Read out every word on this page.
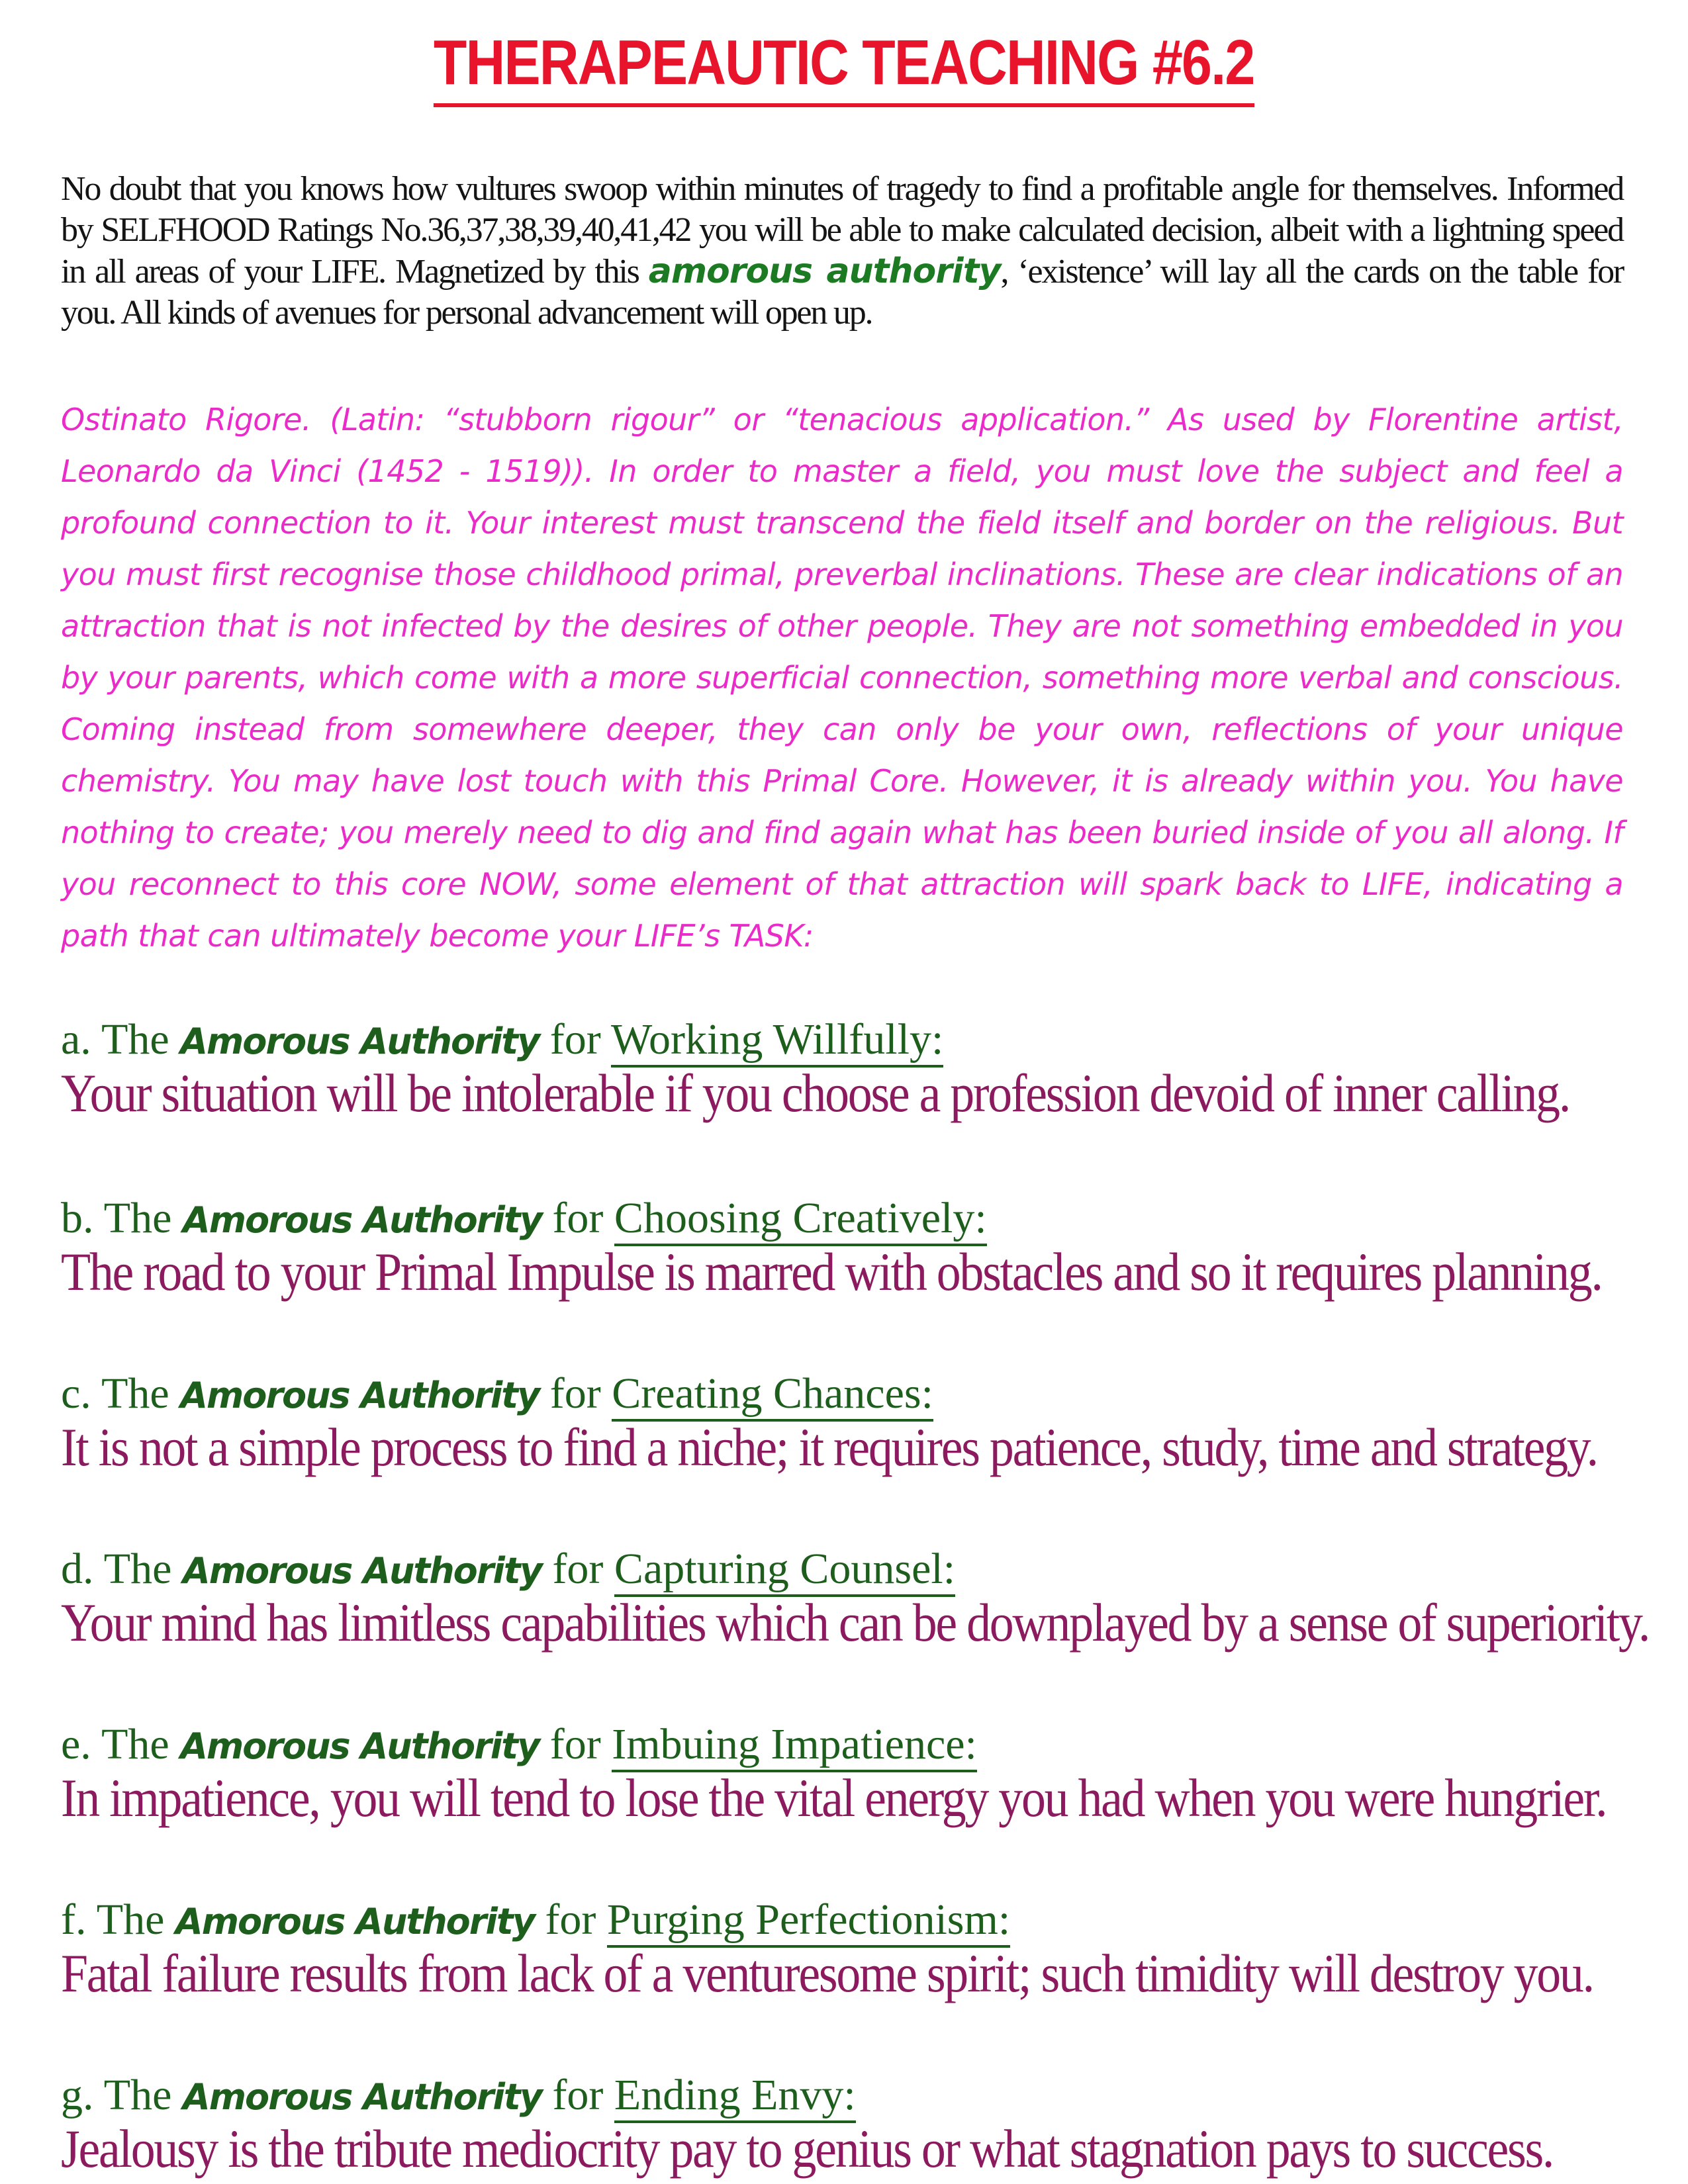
THERAPEAUTIC TEACHING #6.2

No doubt that you knows how vultures swoop within minutes of tragedy to find a profitable angle for themselves. Informed by SELFHOOD Ratings No.36,37,38,39,40,41,42 you will be able to make calculated decision, albeit with a lightning speed in all areas of your LIFE. Magnetized by this amorous authority, ‘existence’ will lay all the cards on the table for you. All kinds of avenues for personal advancement will open up.

Ostinato Rigore. (Latin: “stubborn rigour” or “tenacious application.” As used by Florentine artist, Leonardo da Vinci (1452 - 1519)). In order to master a field, you must love the subject and feel a profound connection to it. Your interest must transcend the field itself and border on the religious. But you must first recognise those childhood primal, preverbal inclinations. These are clear indications of an attraction that is not infected by the desires of other people. They are not something embedded in you by your parents, which come with a more superficial connection, something more verbal and conscious. Coming instead from somewhere deeper, they can only be your own, reflections of your unique chemistry. You may have lost touch with this Primal Core. However, it is already within you. You have nothing to create; you merely need to dig and find again what has been buried inside of you all along. If you reconnect to this core NOW, some element of that attraction will spark back to LIFE, indicating a path that can ultimately become your LIFE’s TASK:

a. The Amorous Authority for Working Willfully:
Your situation will be intolerable if you choose a profession devoid of inner calling.
b. The Amorous Authority for Choosing Creatively:
The road to your Primal Impulse is marred with obstacles and so it requires planning.
c. The Amorous Authority for Creating Chances:
It is not a simple process to find a niche; it requires patience, study, time and strategy.
d. The Amorous Authority for Capturing Counsel:
Your mind has limitless capabilities which can be downplayed by a sense of superiority.
e. The Amorous Authority for Imbuing Impatience:
In impatience, you will tend to lose the vital energy you had when you were hungrier.
f. The Amorous Authority for Purging Perfectionism:
Fatal failure results from lack of a venturesome spirit; such timidity will destroy you.
g. The Amorous Authority for Ending Envy:
Jealousy is the tribute mediocrity pay to genius or what stagnation pays to success.
